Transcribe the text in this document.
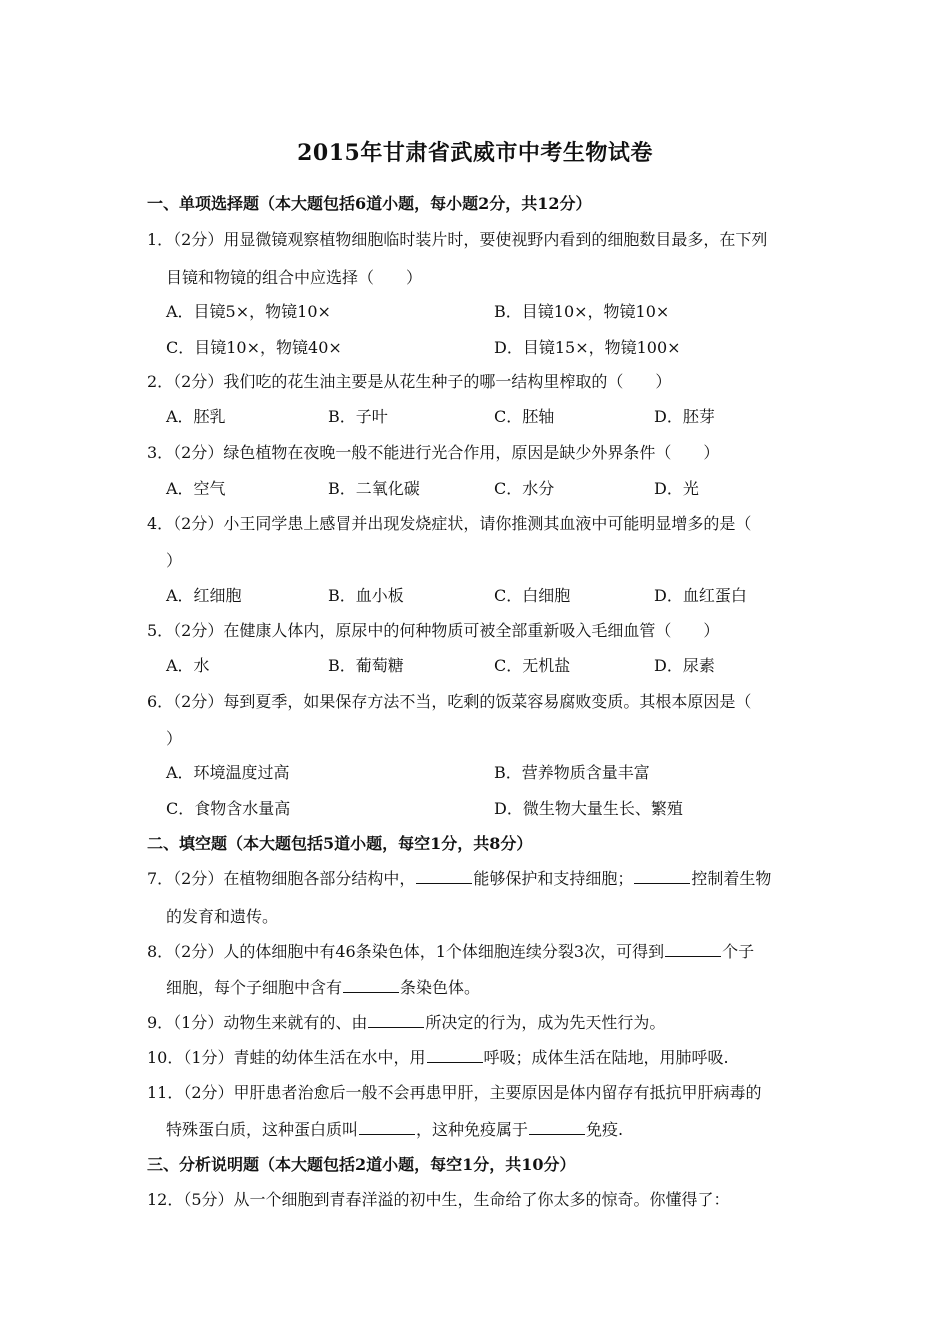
2015年甘肃省武威市中考生物试卷
一、单项选择题（本大题包括6道小题，每小题2分，共12分）
1．（2分）用显微镜观察植物细胞临时装片时，要使视野内看到的细胞数目最多，在下列
目镜和物镜的组合中应选择（　　）
A．目镜5×，物镜10×	B．目镜10×，物镜10×
C．目镜10×，物镜40×	D．目镜15×，物镜100×
2．（2分）我们吃的花生油主要是从花生种子的哪一结构里榨取的（　　）
A．胚乳	B．子叶	C．胚轴	D．胚芽
3．（2分）绿色植物在夜晚一般不能进行光合作用，原因是缺少外界条件（　　）
A．空气	B．二氧化碳	C．水分	D．光
4．（2分）小王同学患上感冒并出现发烧症状，请你推测其血液中可能明显增多的是（
）
A．红细胞	B．血小板	C．白细胞	D．血红蛋白
5．（2分）在健康人体内，原尿中的何种物质可被全部重新吸入毛细血管（　　）
A．水	B．葡萄糖	C．无机盐	D．尿素
6．（2分）每到夏季，如果保存方法不当，吃剩的饭菜容易腐败变质。其根本原因是（
）
A．环境温度过高	B．营养物质含量丰富
C．食物含水量高	D．微生物大量生长、繁殖
二、填空题（本大题包括5道小题，每空1分，共8分）
7．（2分）在植物细胞各部分结构中，	能够保护和支持细胞；	控制着生物
的发育和遗传。
8．（2分）人的体细胞中有46条染色体，1个体细胞连续分裂3次，可得到	个子
细胞，每个子细胞中含有	条染色体。
9．（1分）动物生来就有的、由	所决定的行为，成为先天性行为。
10．（1分）青蛙的幼体生活在水中，用	呼吸；成体生活在陆地，用肺呼吸.
11．（2分）甲肝患者治愈后一般不会再患甲肝，主要原因是体内留存有抵抗甲肝病毒的
特殊蛋白质，这种蛋白质叫	，这种免疫属于	免疫.
三、分析说明题（本大题包括2道小题，每空1分，共10分）
12．（5分）从一个细胞到青春洋溢的初中生，生命给了你太多的惊奇。你懂得了：
